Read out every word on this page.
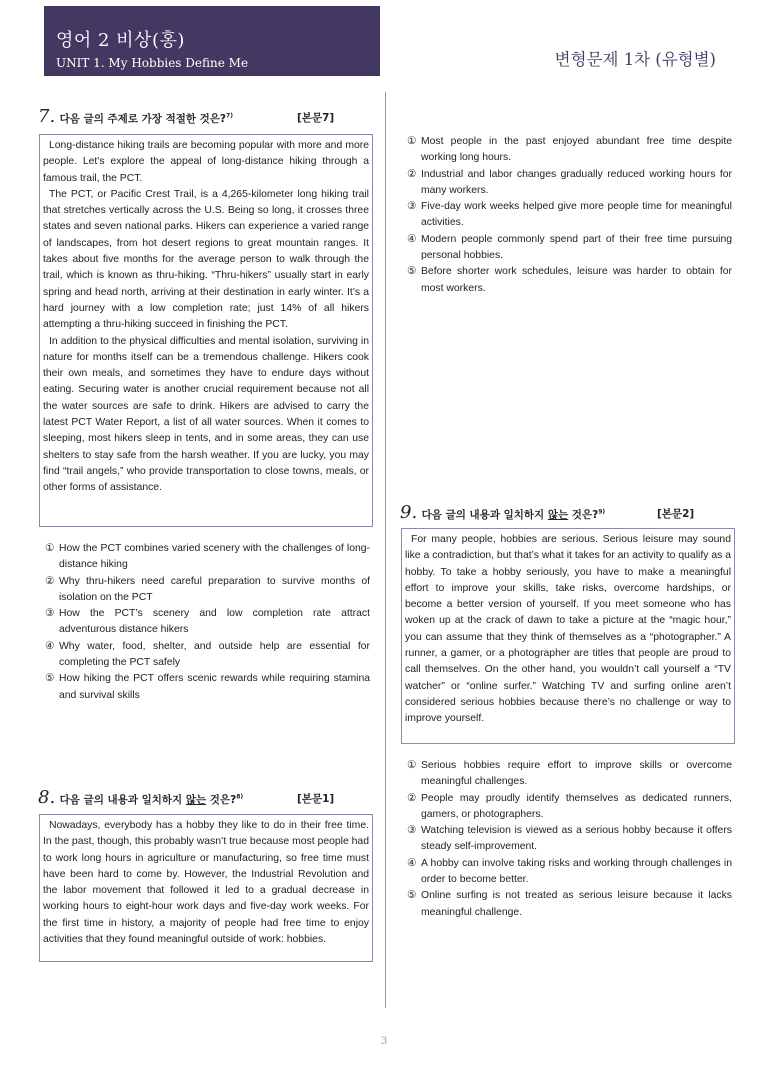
영어 2 비상(홍)
UNIT 1. My Hobbies Define Me	변형문제 1차 (유형별)
7. 다음 글의 주제로 가장 적절한 것은?$^{7)}$	[본문7]

Long-distance hiking trails are becoming popular with more and more people. Let’s explore the appeal of long-distance hiking through a famous trail, the PCT.

The PCT, or Pacific Crest Trail, is a 4,265-kilometer long hiking trail that stretches vertically across the U.S. Being so long, it crosses three states and seven national parks. Hikers can experience a varied range of landscapes, from hot desert regions to great mountain ranges. It takes about five months for the average person to walk through the trail, which is known as thru-hiking. “Thru-hikers” usually start in early spring and head north, arriving at their destination in early winter. It’s a hard journey with a low completion rate; just 14% of all hikers attempting a thru-hiking succeed in finishing the PCT.

In addition to the physical difficulties and mental isolation, surviving in nature for months itself can be a tremendous challenge. Hikers cook their own meals, and sometimes they have to endure days without eating. Securing water is another crucial requirement because not all the water sources are safe to drink. Hikers are advised to carry the latest PCT Water Report, a list of all water sources. When it comes to sleeping, most hikers sleep in tents, and in some areas, they can use shelters to stay safe from the harsh weather. If you are lucky, you may find “trail angels,” who provide transportation to close towns, meals, or other forms of assistance.

① How the PCT combines varied scenery with the challenges of long-distance hiking
② Why thru-hikers need careful preparation to survive months of isolation on the PCT
③ How the PCT’s scenery and low completion rate attract adventurous distance hikers
④ Why water, food, shelter, and outside help are essential for completing the PCT safely
⑤ How hiking the PCT offers scenic rewards while requiring stamina and survival skills
8. 다음 글의 내용과 일치하지 않는 것은?$^{8)}$	[본문1]

Nowadays, everybody has a hobby they like to do in their free time. In the past, though, this probably wasn’t true because most people had to work long hours in agriculture or manufacturing, so free time must have been hard to come by. However, the Industrial Revolution and the labor movement that followed it led to a gradual decrease in working hours to eight-hour work days and five-day work weeks. For the first time in history, a majority of people had free time to enjoy activities that they found meaningful outside of work: hobbies.

① Most people in the past enjoyed abundant free time despite working long hours.
② Industrial and labor changes gradually reduced working hours for many workers.
③ Five-day work weeks helped give more people time for meaningful activities.
④ Modern people commonly spend part of their free time pursuing personal hobbies.
⑤ Before shorter work schedules, leisure was harder to obtain for most workers.
9. 다음 글의 내용과 일치하지 않는 것은?$^{9)}$	[본문2]

For many people, hobbies are serious. Serious leisure may sound like a contradiction, but that’s what it takes for an activity to qualify as a hobby. To take a hobby seriously, you have to make a meaningful effort to improve your skills, take risks, overcome hardships, or become a better version of yourself. If you meet someone who has woken up at the crack of dawn to take a picture at the “magic hour,” you can assume that they think of themselves as a “photographer.” A runner, a gamer, or a photographer are titles that people are proud to call themselves. On the other hand, you wouldn’t call yourself a “TV watcher” or “online surfer.” Watching TV and surfing online aren’t considered serious hobbies because there’s no challenge or way to improve yourself.

① Serious hobbies require effort to improve skills or overcome meaningful challenges.
② People may proudly identify themselves as dedicated runners, gamers, or photographers.
③ Watching television is viewed as a serious hobby because it offers steady self-improvement.
④ A hobby can involve taking risks and working through challenges in order to become better.
⑤ Online surfing is not treated as serious leisure because it lacks meaningful challenge.
3
